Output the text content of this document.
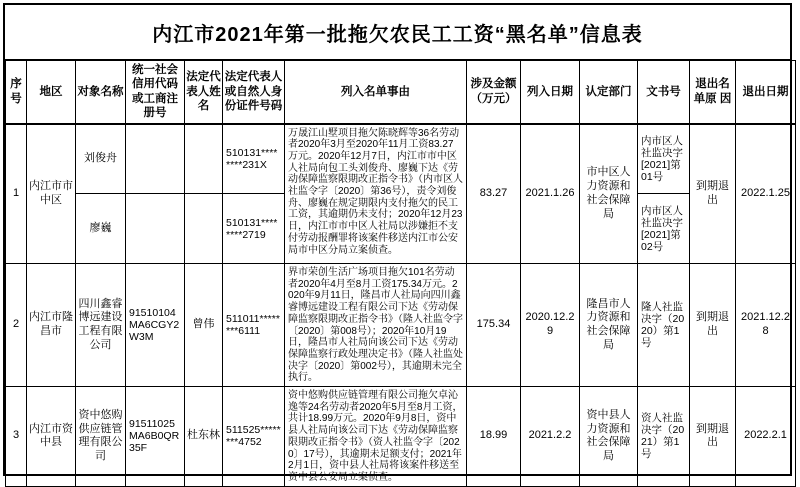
内江市2021年第一批拖欠农民工工资“黑名单”信息表
序号	地区	对象名称	统一社会信用代码或工商注册号	法定代表人姓名	法定代表人或自然人身份证件号码	列入名单事由	涉及金额（万元）	列入日期	认定部门	文书号	退出名单原 因	退出日期
1	内江市市中区	刘俊舟			510131********231X	万晟江山墅项目拖欠陈晓辉等36名劳动者2020年3月至2020年11月工资83.27万元。2020年12月7日，内江市市中区人社局向包工头刘俊舟、廖巍下达《劳动保障监察限期改正指令书》（内市区人社监令字〔2020〕第36号），责令刘俊舟、廖巍在规定期限内支付拖欠的民工工资，其逾期仍未支付；2020年12月23日，内江市市中区人社局以涉嫌拒不支付劳动报酬罪将该案件移送内江市公安局市中区分局立案侦查。	83.27	2021.1.26	市中区人力资源和社会保障局	内市区人社监决字[2021]第01号	到期退出	2022.1.25
		廖巍			510131********2719					内市区人社监决字[2021]第02号		
2	内江市隆昌市	四川鑫睿博远建设工程有限公司	91510104MA6CGY2W3M	曾伟	511011********6111	界市荣创生活广场项目拖欠101名劳动者2020年4月至8月工资175.34万元。2020年9月11日，隆昌市人社局向四川鑫睿博远建设工程有限公司下达《劳动保障监察限期改正指令书》（隆人社监令字〔2020〕第008号）；2020年10月19日，隆昌市人社局向该公司下达《劳动保障监察行政处理决定书》（隆人社监处决字〔2020〕第002号），其逾期未完全执行。	175.34	2020.12.29	隆昌市人力资源和社会保障局	隆人社监决字（2020）第1号	到期退出	2021.12.28
3	内江市资中县	资中悠购供应链管理有限公司	91511025MA6B0QR35F	杜东林	511525********4752	资中悠购供应链管理有限公司拖欠卓沁逸等24名劳动者2020年5月至8月工资，共计18.99万元。2020年9月8日，资中县人社局向该公司下达《劳动保障监察限期改正指令书》（资人社监令字〔2020〕17号），其逾期未足额支付；2021年2月1日，资中县人社局将该案件移送至资中县公安局立案侦查。	18.99	2021.2.2	资中县人力资源和社会保障局	资人社监决字（2021）第1号	到期退出	2022.2.1
